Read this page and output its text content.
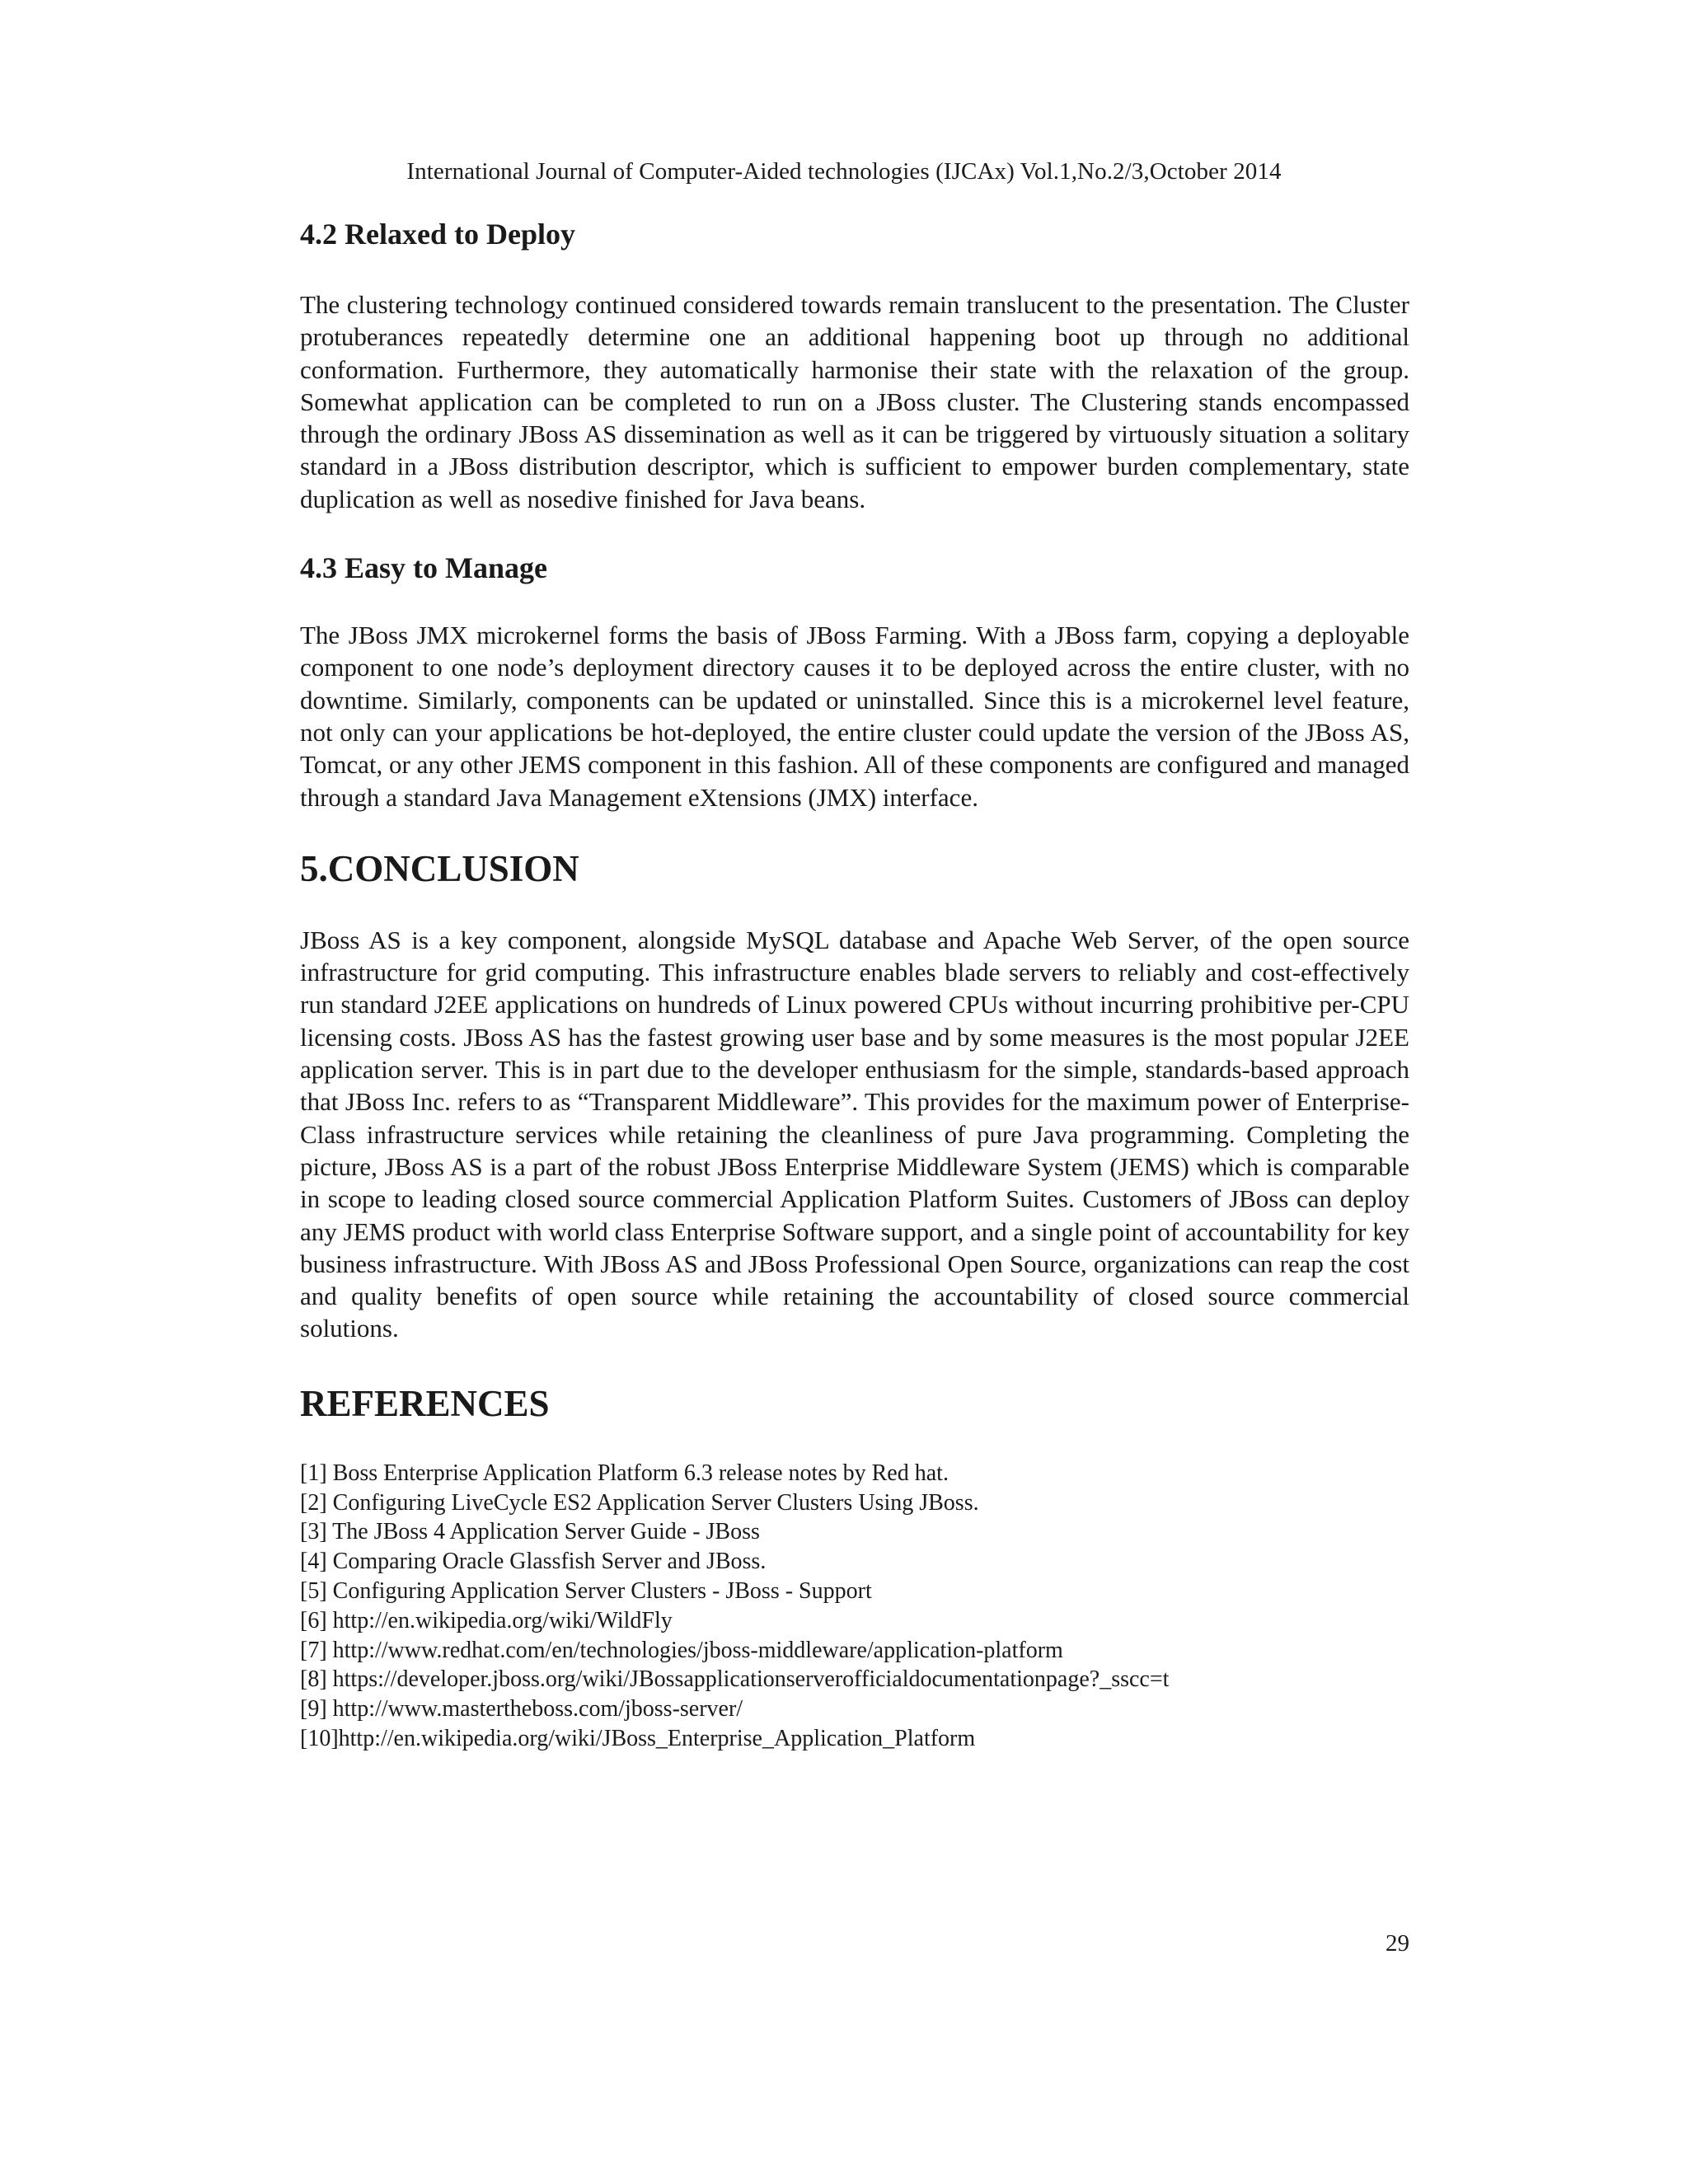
International Journal of Computer-Aided technologies (IJCAx) Vol.1,No.2/3,October 2014
4.2 Relaxed to Deploy

The clustering technology continued considered towards remain translucent to the presentation. The Cluster protuberances repeatedly determine one an additional happening boot up through no additional conformation. Furthermore, they automatically harmonise their state with the relaxation of the group. Somewhat application can be completed to run on a JBoss cluster. The Clustering stands encompassed through the ordinary JBoss AS dissemination as well as it can be triggered by virtuously situation a solitary standard in a JBoss distribution descriptor, which is sufficient to empower burden complementary, state duplication as well as nosedive finished for Java beans.

4.3 Easy to Manage

The JBoss JMX microkernel forms the basis of JBoss Farming. With a JBoss farm, copying a deployable component to one node’s deployment directory causes it to be deployed across the entire cluster, with no downtime. Similarly, components can be updated or uninstalled. Since this is a microkernel level feature, not only can your applications be hot-deployed, the entire cluster could update the version of the JBoss AS, Tomcat, or any other JEMS component in this fashion. All of these components are configured and managed through a standard Java Management eXtensions (JMX) interface.

5.CONCLUSION

JBoss AS is a key component, alongside MySQL database and Apache Web Server, of the open source infrastructure for grid computing. This infrastructure enables blade servers to reliably and cost-effectively run standard J2EE applications on hundreds of Linux powered CPUs without incurring prohibitive per-CPU licensing costs. JBoss AS has the fastest growing user base and by some measures is the most popular J2EE application server. This is in part due to the developer enthusiasm for the simple, standards-based approach that JBoss Inc. refers to as “Transparent Middleware”. This provides for the maximum power of Enterprise-Class infrastructure services while retaining the cleanliness of pure Java programming. Completing the picture, JBoss AS is a part of the robust JBoss Enterprise Middleware System (JEMS) which is comparable in scope to leading closed source commercial Application Platform Suites. Customers of JBoss can deploy any JEMS product with world class Enterprise Software support, and a single point of accountability for key business infrastructure. With JBoss AS and JBoss Professional Open Source, organizations can reap the cost and quality benefits of open source while retaining the accountability of closed source commercial solutions.

REFERENCES
[1] Boss Enterprise Application Platform 6.3 release notes by Red hat.
[2] Configuring LiveCycle ES2 Application Server Clusters Using JBoss.
[3] The JBoss 4 Application Server Guide - JBoss
[4] Comparing Oracle Glassfish Server and JBoss.
[5] Configuring Application Server Clusters - JBoss - Support
[6] http://en.wikipedia.org/wiki/WildFly
[7] http://www.redhat.com/en/technologies/jboss-middleware/application-platform
[8] https://developer.jboss.org/wiki/JBossapplicationserverofficialdocumentationpage?_sscc=t
[9] http://www.mastertheboss.com/jboss-server/
[10]http://en.wikipedia.org/wiki/JBoss_Enterprise_Application_Platform
29
